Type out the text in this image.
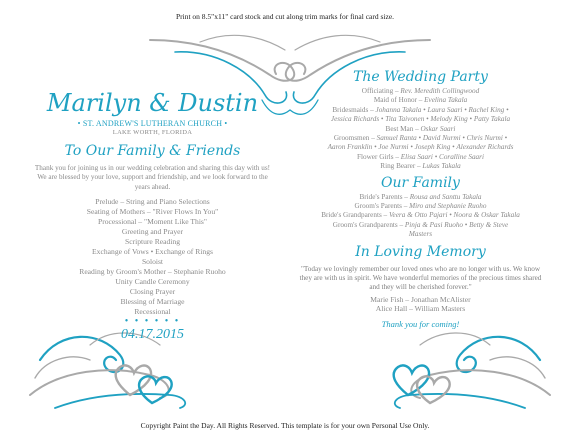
Print on 8.5"x11" card stock and cut along trim marks for final card size.
Marilyn & Dustin
• ST. ANDREW'S LUTHERAN CHURCH •
LAKE WORTH, FLORIDA
To Our Family & Friends
Thank you for joining us in our wedding celebration and sharing this day with us! We are blessed by your love, support and friendship, and we look forward to the years ahead.
Prelude – String and Piano Selections
Seating of Mothers – "River Flows In You"
Processional – "Moment Like This"
Greeting and Prayer
Scripture Reading
Exchange of Vows • Exchange of Rings
Soloist
Reading by Groom's Mother – Stephanie Ruoho
Unity Candle Ceremony
Closing Prayer
Blessing of Marriage
Recessional
• • • • • •
04.17.2015
The Wedding Party
Officiating – Rev. Meredith Collingwood
Maid of Honor – Evelina Takala
Bridesmaids – Johanna Takala • Laura Saari • Rachel King •
Jessica Richards • Tita Taivonen • Melody King • Patty Takala
Best Man – Oskar Saari
Groomsmen – Samuel Ranta • David Nurmi • Chris Nurmi •
Aaron Franklin • Joe Nurmi • Joseph King • Alexander Richards
Flower Girls – Elisa Saari • Coralline Saari
Ring Bearer – Lukas Takala
Our Family
Bride's Parents – Rousa and Santtu Takala
Groom's Parents – Miro and Stephanie Ruoho
Bride's Grandparents – Veera & Otto Pajari • Noora & Oskar Takala
Groom's Grandparents – Pinja & Pasi Ruoho • Betty & Steve
Masters
In Loving Memory
"Today we lovingly remember our loved ones who are no longer with us. We know they are with us in spirit. We have wonderful memories of the precious times shared and they will be cherished forever."
Marie Fish – Jonathan McAlister
Alice Hall – William Masters
Thank you for coming!
Copyright Paint the Day. All Rights Reserved. This template is for your own Personal Use Only.
